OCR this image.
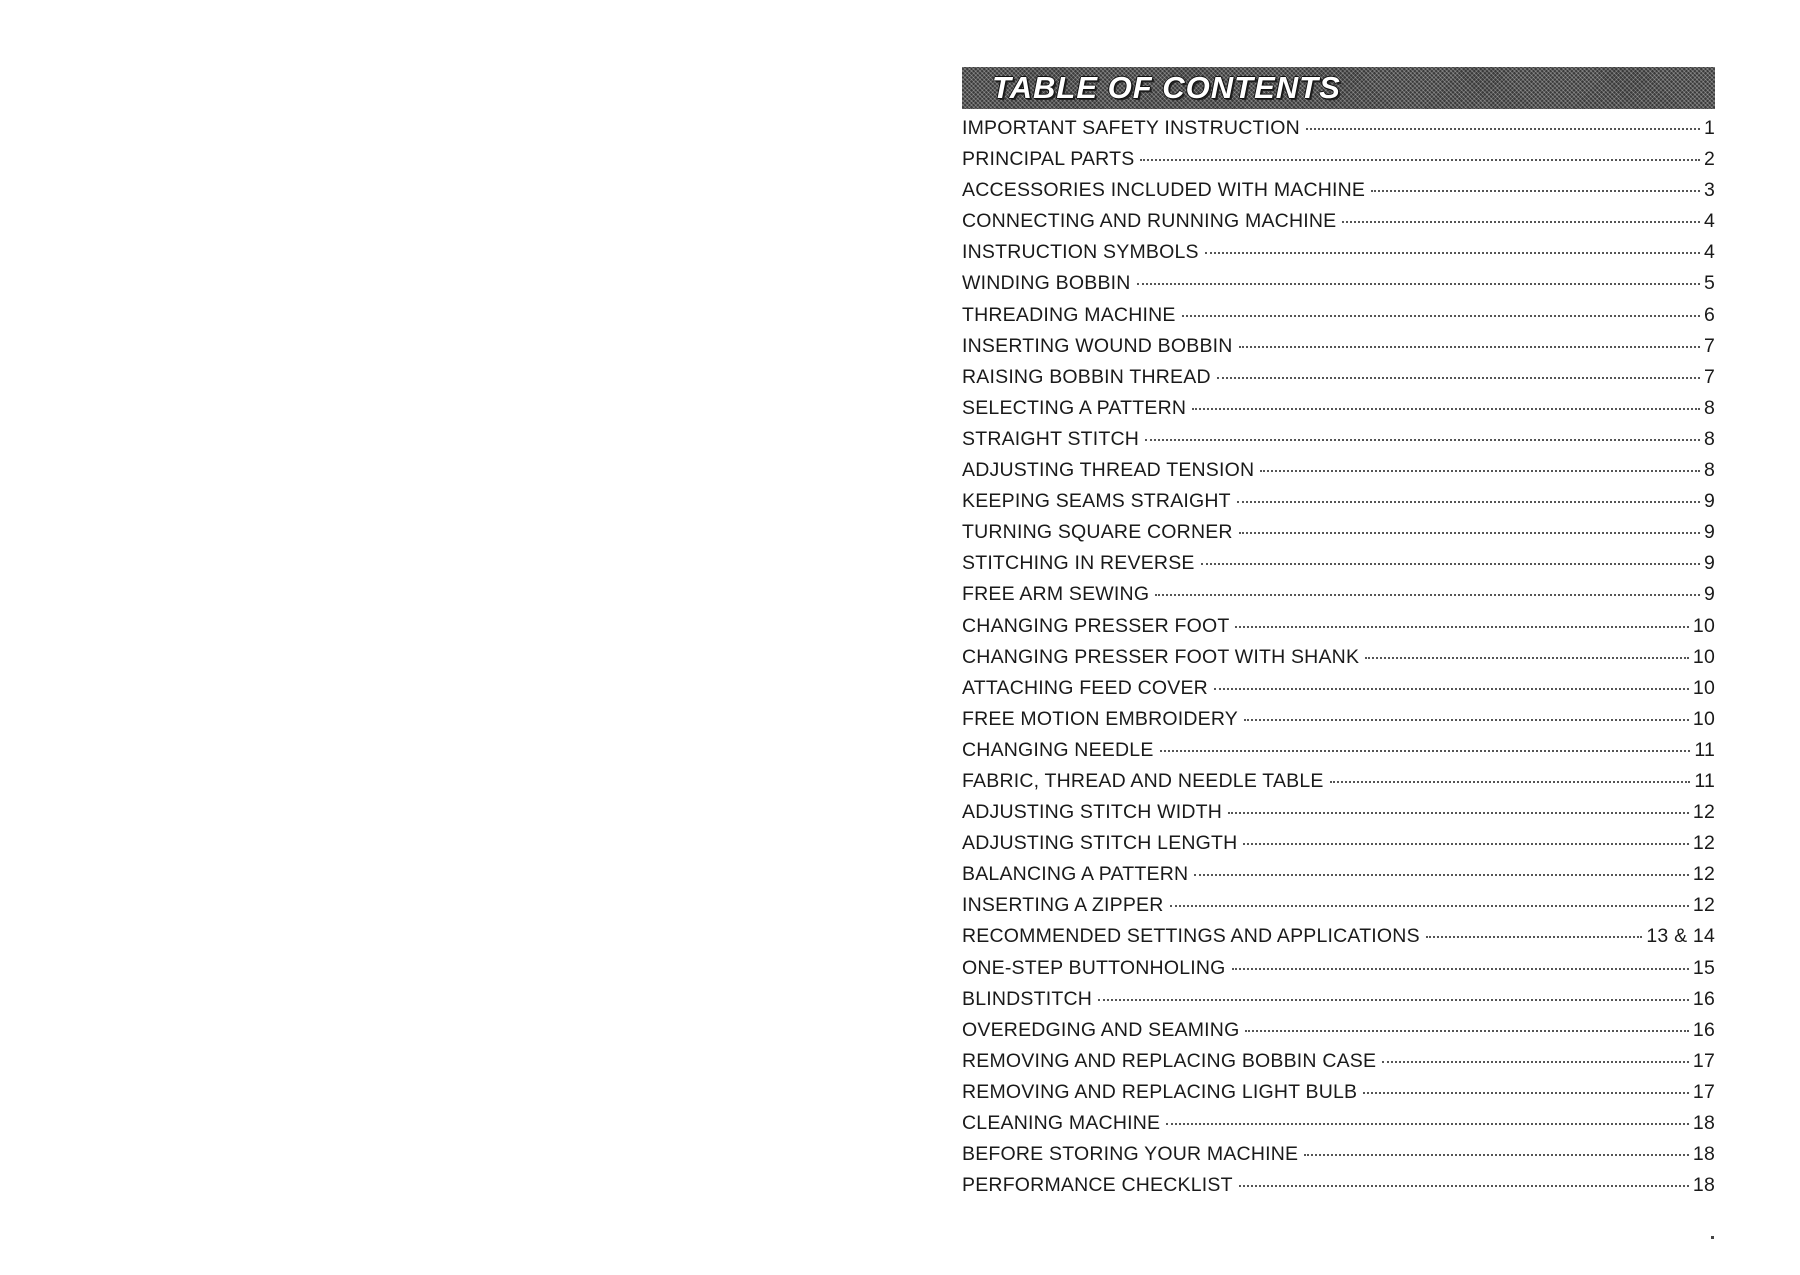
TABLE OF CONTENTS
IMPORTANT SAFETY INSTRUCTION	1
PRINCIPAL PARTS	2
ACCESSORIES INCLUDED WITH MACHINE	3
CONNECTING AND RUNNING MACHINE	4
INSTRUCTION SYMBOLS	4
WINDING BOBBIN	5
THREADING MACHINE	6
INSERTING WOUND BOBBIN	7
RAISING BOBBIN THREAD	7
SELECTING A PATTERN	8
STRAIGHT STITCH	8
ADJUSTING THREAD TENSION	8
KEEPING SEAMS STRAIGHT	9
TURNING SQUARE CORNER	9
STITCHING IN REVERSE	9
FREE ARM SEWING	9
CHANGING PRESSER FOOT	10
CHANGING PRESSER FOOT WITH SHANK	10
ATTACHING FEED COVER	10
FREE MOTION EMBROIDERY	10
CHANGING NEEDLE	11
FABRIC, THREAD AND NEEDLE TABLE	11
ADJUSTING STITCH WIDTH	12
ADJUSTING STITCH LENGTH	12
BALANCING A PATTERN	12
INSERTING A ZIPPER	12
RECOMMENDED SETTINGS AND APPLICATIONS	13 & 14
ONE-STEP BUTTONHOLING	15
BLINDSTITCH	16
OVEREDGING AND SEAMING	16
REMOVING AND REPLACING BOBBIN CASE	17
REMOVING AND REPLACING LIGHT BULB	17
CLEANING MACHINE	18
BEFORE STORING YOUR MACHINE	18
PERFORMANCE CHECKLIST	18
